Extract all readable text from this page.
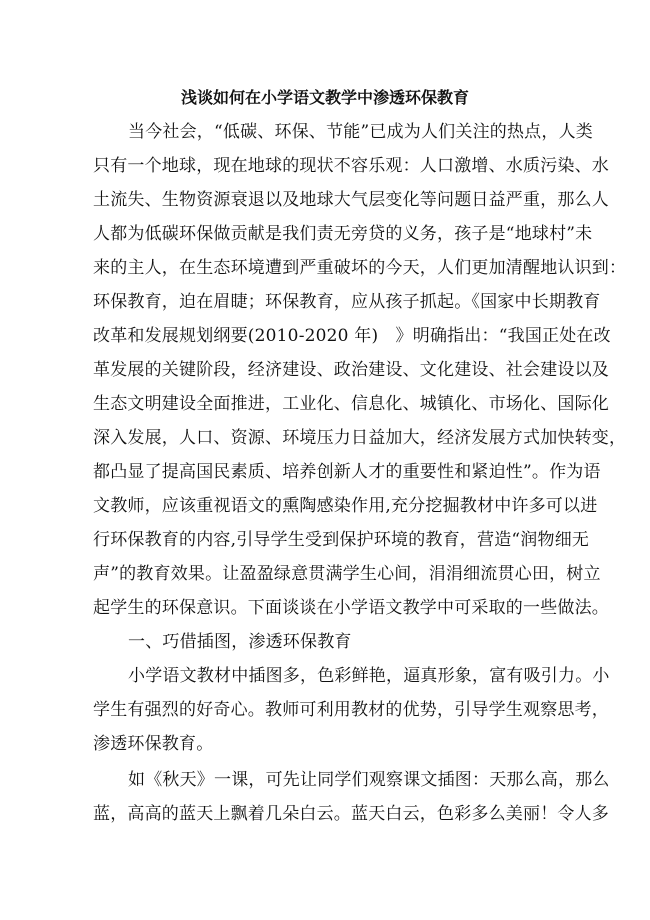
浅谈如何在小学语文教学中渗透环保教育
当今社会，“低碳、环保、节能”已成为人们关注的热点，人类
只有一个地球，现在地球的现状不容乐观：人口激增、水质污染、水
土流失、生物资源衰退以及地球大气层变化等问题日益严重，那么人
人都为低碳环保做贡献是我们责无旁贷的义务，孩子是“地球村”未
来的主人，在生态环境遭到严重破坏的今天，人们更加清醒地认识到：
环保教育，迫在眉睫；环保教育，应从孩子抓起。《国家中长期教育
改革和发展规划纲要(2010-2020 年)　》明确指出：“我国正处在改
革发展的关键阶段，经济建设、政治建设、文化建设、社会建设以及
生态文明建设全面推进，工业化、信息化、城镇化、市场化、国际化
深入发展，人口、资源、环境压力日益加大，经济发展方式加快转变，
都凸显了提高国民素质、培养创新人才的重要性和紧迫性”。作为语
文教师，应该重视语文的熏陶感染作用,充分挖掘教材中许多可以进
行环保教育的内容,引导学生受到保护环境的教育，营造“润物细无
声”的教育效果。让盈盈绿意贯满学生心间，涓涓细流贯心田，树立
起学生的环保意识。下面谈谈在小学语文教学中可采取的一些做法。
一、巧借插图，渗透环保教育
小学语文教材中插图多，色彩鲜艳，逼真形象，富有吸引力。小
学生有强烈的好奇心。教师可利用教材的优势，引导学生观察思考，
渗透环保教育。
如《秋天》一课，可先让同学们观察课文插图：天那么高，那么
蓝，高高的蓝天上飘着几朵白云。蓝天白云，色彩多么美丽！令人多
